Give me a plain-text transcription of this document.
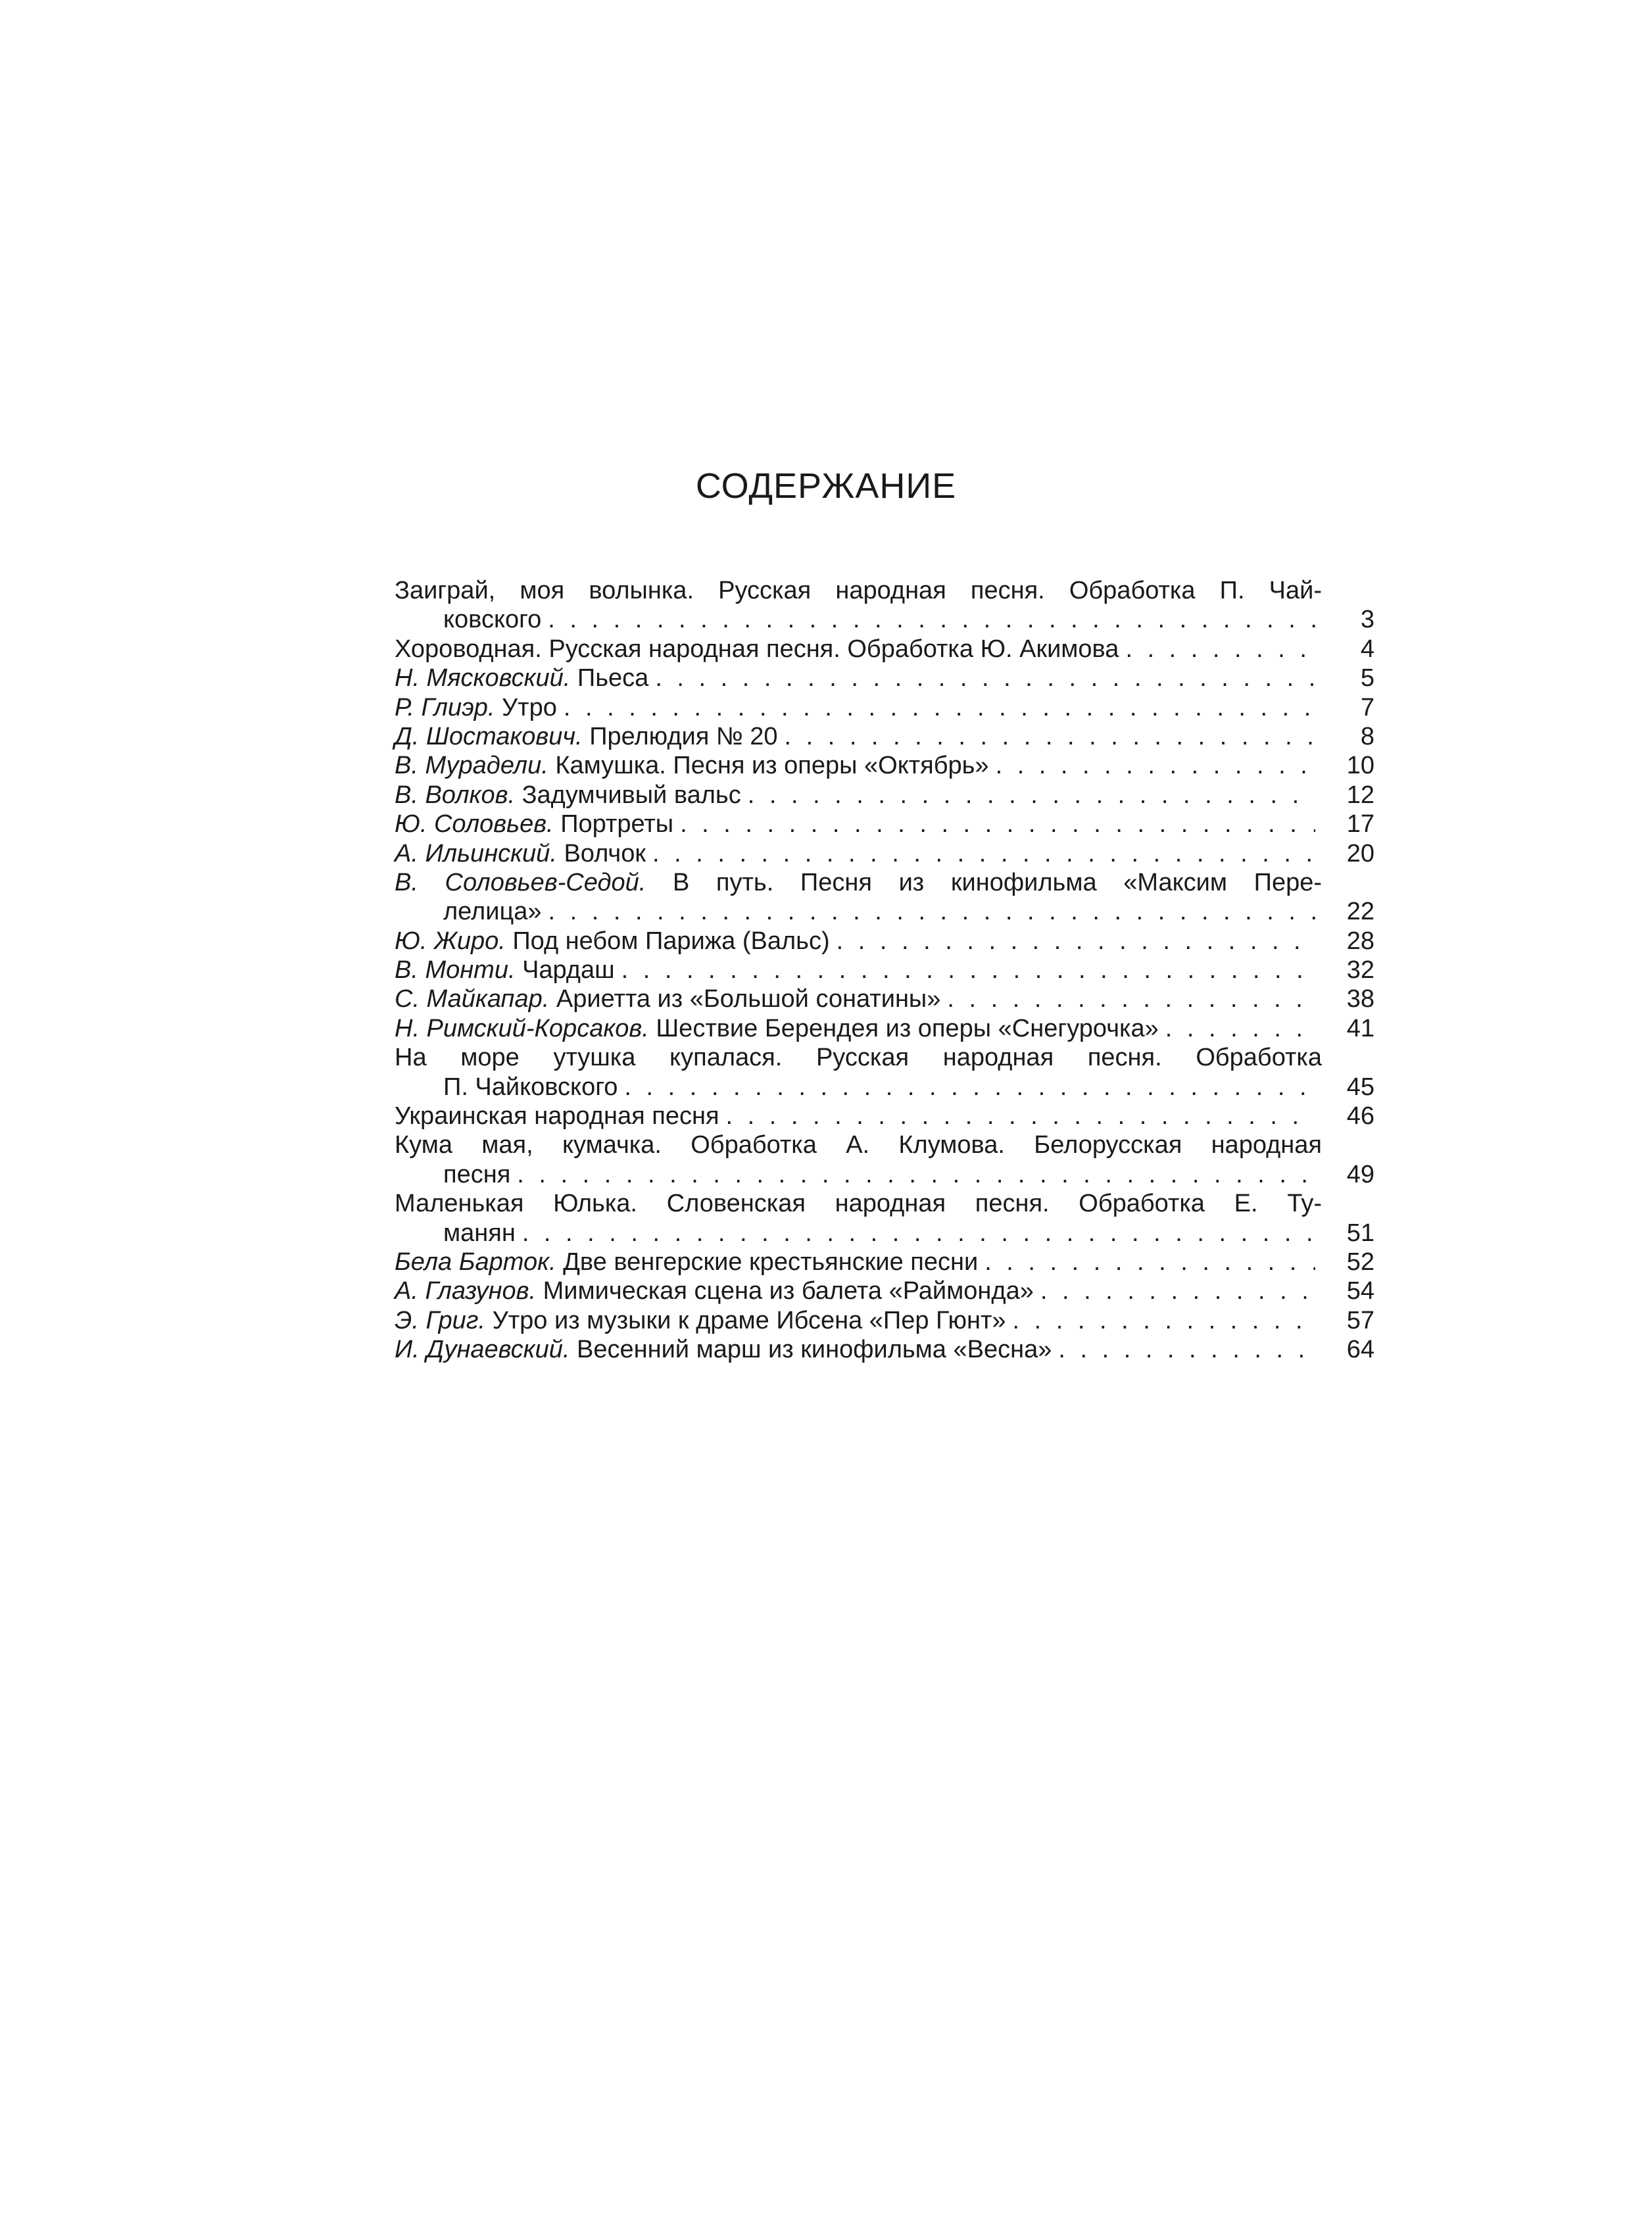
СОДЕРЖАНИЕ
Заиграй, моя волынка. Русская народная песня. Обработка П. Чай-
ковского . . .	3
Хороводная. Русская народная песня. Обработка Ю. Акимова . . .	4
Н. Мясковский. Пьеса . . .	5
Р. Глиэр. Утро . . .	7
Д. Шостакович. Прелюдия № 20 . . .	8
В. Мурадели. Камушка. Песня из оперы «Октябрь» . . .	10
В. Волков. Задумчивый вальс . . .	12
Ю. Соловьев. Портреты . . .	17
А. Ильинский. Волчок . . .	20
В. Соловьев-Седой. В путь. Песня из кинофильма «Максим Пере-
лелица» . . .	22
Ю. Жиро. Под небом Парижа (Вальс) . . .	28
В. Монти. Чардаш . . .	32
С. Майкапар. Ариетта из «Большой сонатины» . . .	38
Н. Римский-Корсаков. Шествие Берендея из оперы «Снегурочка» . . .	41
На море утушка купалася. Русская народная песня. Обработка
П. Чайковского . . .	45
Украинская народная песня . . .	46
Кума мая, кумачка. Обработка А. Клумова. Белорусская народная
песня . . .	49
Маленькая Юлька. Словенская народная песня. Обработка Е. Ту-
манян . . .	51
Бела Барток. Две венгерские крестьянские песни . . .	52
А. Глазунов. Мимическая сцена из балета «Раймонда» . . .	54
Э. Григ. Утро из музыки к драме Ибсена «Пер Гюнт» . . .	57
И. Дунаевский. Весенний марш из кинофильма «Весна» . . .	64
